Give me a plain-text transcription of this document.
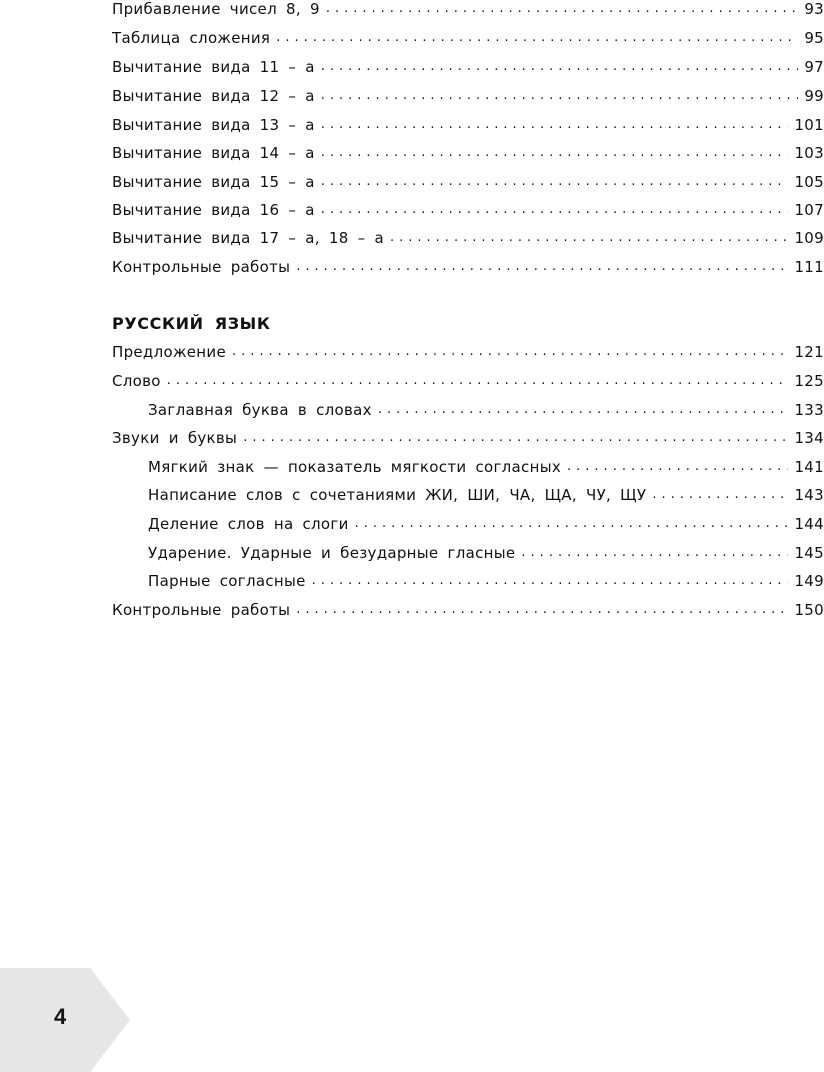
Прибавление чисел 8, 9 .....	93
Таблица сложения .....	95
Вычитание вида 11 – а .....	97
Вычитание вида 12 – а .....	99
Вычитание вида 13 – а .....	101
Вычитание вида 14 – а .....	103
Вычитание вида 15 – а .....	105
Вычитание вида 16 – а .....	107
Вычитание вида 17 – а, 18 – а .....	109
Контрольные работы .....	111
РУССКИЙ ЯЗЫК
Предложение .....	121
Слово .....	125
Заглавная буква в словах .....	133
Звуки и буквы .....	134
Мягкий знак — показатель мягкости согласных .....	141
Написание слов с сочетаниями ЖИ, ШИ, ЧА, ЩА, ЧУ, ЩУ .....	143
Деление слов на слоги .....	144
Ударение. Ударные и безударные гласные .....	145
Парные согласные .....	149
Контрольные работы .....	150
4
